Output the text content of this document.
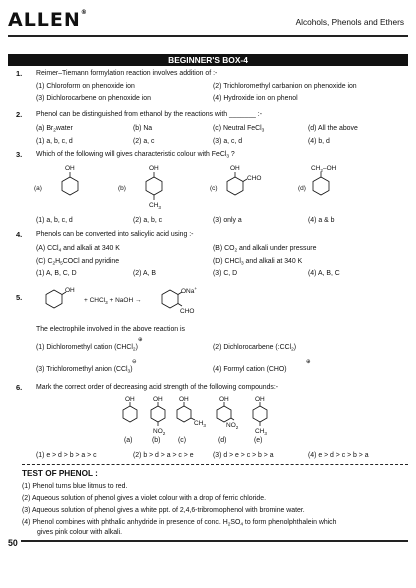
ALLEN®
Alcohols, Phenols and Ethers
BEGINNER'S BOX-4
1. Reimer–Tiemann formylation reaction involves addition of :-
(1) Chloroform on phenoxide ion	(2) Trichloromethyl carbanion on phenoxide ion
(3) Dichlorocarbene on phenoxide ion	(4) Hydroxide ion on phenol
2. Phenol can be distinguished from ethanol by the reactions with _______ :-
(a) $Br_2water$	(b) Na	(c) Neutral FeCl$_3$	(d) All the above
(1) a, b, c, d	(2) a, c	(3) a, c, d	(4) b, d
3. Which of the following will gives characteristic colour with FeCl$_3$ ?
(a)
OH
(b)
OH
$CH_3$
(c)
OH
CHO
(d)
$CH_2-OH$
(1) a, b, c, d	(2) a, b, c	(3) only a	(4) a & b
4. Phenols can be converted into salicylic acid using :-
(A) CCl$_4$ and alkali at 340 K	(B) $CO_2$ and alkali under pressure
(C) $C_2H_5COCl$ and pyridine	(D) CHCl$_3$ and alkali at 340 K
(1) A, B, C, D	(2) A, B	(3) C, D	(4) A, B, C
5.
OH
+ CHCl$_3$ + NaOH →
ONa+
CHO
The electrophile involved in the above reaction is
(1) Dichloromethyl cation (CHCl$_2$)
⊕
(2) Dichlorocarbene (:CCl$_2$)
(3) Trichloromethyl anion (CCl$_3$)
⊖
(4) Formyl cation (CHO)
⊕
6. Mark the correct order of decreasing acid strength of the following compounds:-
OH	OH
$NO_2$
OH
$CH_3$
OH
$NO_2$
OH
$CH_3$
(a)	(b)	(c)	(d)	(e)
(1) e > d > b > a > c	(2) b > d > a > c > e	(3) d > e > c > b > a	(4) e > d > c > b > a
TEST OF PHENOL :
(1) Phenol turns blue litmus to red.
(2) Aqueous solution of phenol gives a violet colour with a drop of ferric chloride.
(3) Aqueous solution of phenol gives a white ppt. of 2,4,6-tribromophenol with bromine water.
(4) Phenol combines with phthalic anhydride in presence of conc. $H_2SO_4$ to form phenolphthalein which
gives pink colour with alkali.
50
